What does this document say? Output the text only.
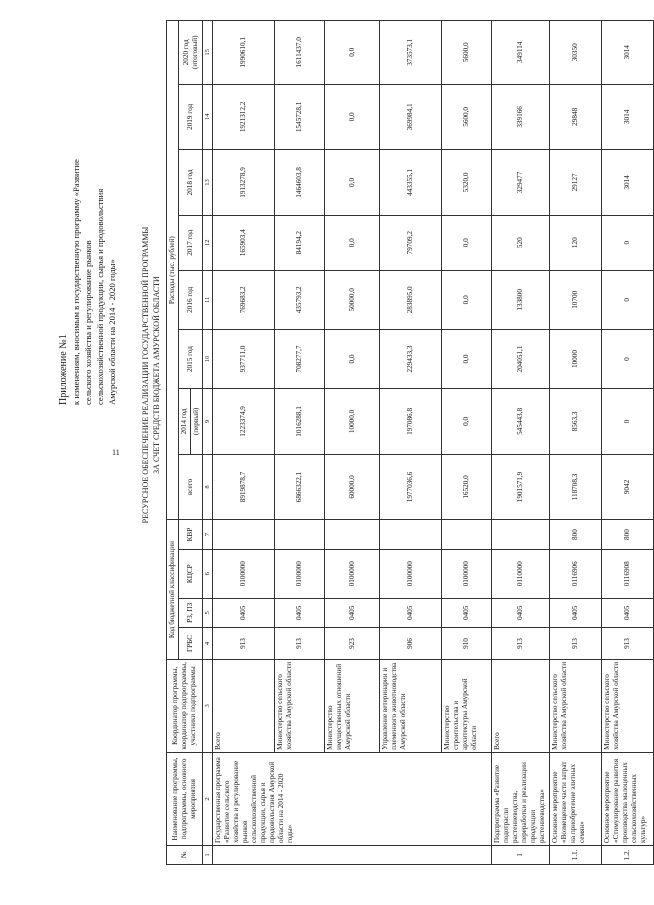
11
Приложение №1 к изменениям, вносимым в государственную программу «Развитие сельского хозяйства и регулирование рынков сельскохозяйственной продукции, сырья и продовольствия Амурской области на 2014 - 2020 годы»	РЕСУРСНОЕ ОБЕСПЕЧЕНИЕ РЕАЛИЗАЦИИ ГОСУДАРСТВЕННОЙ ПРОГРАММЫ ЗА СЧЕТ СРЕДСТВ БЮДЖЕТА АМУРСКОЙ ОБЛАСТИ
№	Наименование программы, подпрограммы, основного мероприятия	Координатор программы, координатор подпрограммы, участники подпрограммы	Код бюджетной классификации				Расходы (тыс. рублей)							
			ГРБС	РЗ, ПЗ	КЦСР	КВР	всего	2014 год	2015 год	2016 год	2017 год	2018 год	2019 год	2020 год (итоговый)
								(первый)						
1	2	3	4	5	6	7	8	9	10	11	12	13	14	15
	Государственная программа «Развитие сельского хозяйства и регулирование рынков сельскохозяйственной продукции, сырья и продовольствия Амурской области на 2014 - 2020 годы»	Всего	913	0405	0100000		8919878,7	1223374,9	937711,0	769683,2	165903,4	1913278,9	1921312,2	1990610,1
		Министерство сельского хозяйства Амурской области	913	0405	0100000		6866322,1	1016288,1	708277,7	435793,2	84194,2	1464603,8	1545728,1	1611437,0
		Министерство имущественных отношений Амурской области	923	0405	0100000		60000,0	10000,0	0,0	50000,0	0,0	0,0	0,0	0,0
		Управление ветеринарии и племенного животноводства Амурской области	906	0405	0100000		1977036,6	197086,8	229433,3	283895,0	79709,2	443355,1	369984,1	373573,1
		Министерство строительства и архитектуры Амурской области	910	0405	0100000		16520,0	0,0	0,0	0,0	0,0	5320,0	5600,0	5600,0
1	Подпрограмма «Развитие подотрасли растениеводства, переработки и реализации продукции растениеводства»	Всего	913	0405	0110000		1901571,9	545443,8	204051,1	133800	520	329477	339166	349114
1.1.	Основное мероприятие «Возмещение части затрат на приобретение элитных семян»	Министерство сельского хозяйства Амурской области	913	0405	0116906	800	118708,3	8563,3	10000	10700	120	29127	29848	30350
1.2.	Основное мероприятие «Стимулирование развития производства малоценных сельскохозяйственных культур»	Министерство сельского хозяйства Амурской области	913	0405	0116908	800	9042	0	0	0	0	3014	3014	3014
